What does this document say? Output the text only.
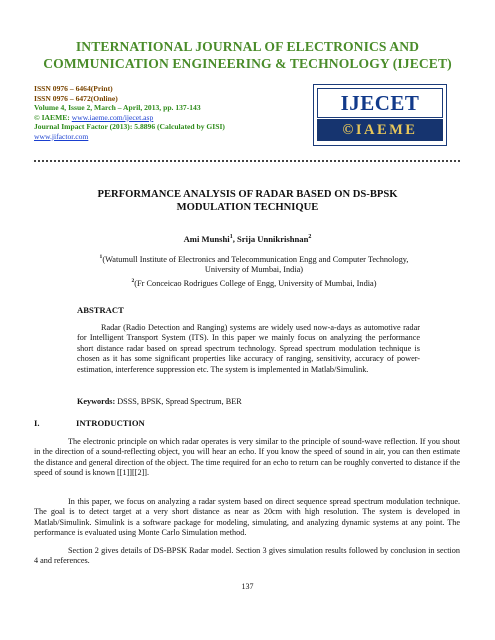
INTERNATIONAL JOURNAL OF ELECTRONICS AND
COMMUNICATION ENGINEERING & TECHNOLOGY (IJECET)
ISSN 0976 – 6464(Print)
ISSN 0976 – 6472(Online)
Volume 4, Issue 2, March – April, 2013, pp. 137-143
© IAEME: www.iaeme.com/ijecet.asp
Journal Impact Factor (2013): 5.8896 (Calculated by GISI)
www.jifactor.com
IJECET
©IAEME
PERFORMANCE ANALYSIS OF RADAR BASED ON DS-BPSK
MODULATION TECHNIQUE
Ami Munshi$^1$, Srija Unnikrishnan$^2$

$^1$(Watumull Institute of Electronics and Telecommunication Engg and Computer Technology,

University of Mumbai, India)

$^2$(Fr Conceicao Rodrigues College of Engg, University of Mumbai, India)

ABSTRACT

Radar (Radio Detection and Ranging) systems are widely used now-a-days as automotive radar for Intelligent Transport System (ITS). In this paper we mainly focus on analyzing the performance short distance radar based on spread spectrum technology. Spread spectrum modulation technique is chosen as it has some significant properties like accuracy of ranging, sensitivity, accuracy of power-estimation, interference suppression etc. The system is implemented in Matlab/Simulink.

Keywords: DSSS, BPSK, Spread Spectrum, BER
I.	INTRODUCTION

The electronic principle on which radar operates is very similar to the principle of sound-wave reflection. If you shout in the direction of a sound-reflecting object, you will hear an echo. If you know the speed of sound in air, you can then estimate the distance and general direction of the object. The time required for an echo to return can be roughly converted to distance if the speed of sound is known [[1]][[2]].

In this paper, we focus on analyzing a radar system based on direct sequence spread spectrum modulation technique. The goal is to detect target at a very short distance as near as 20cm with high resolution. The system is developed in Matlab/Simulink. Simulink is a software package for modeling, simulating, and analyzing dynamic systems at any point. The performance is evaluated using Monte Carlo Simulation method.

Section 2 gives details of DS-BPSK Radar model. Section 3 gives simulation results followed by conclusion in section 4 and references.

137
